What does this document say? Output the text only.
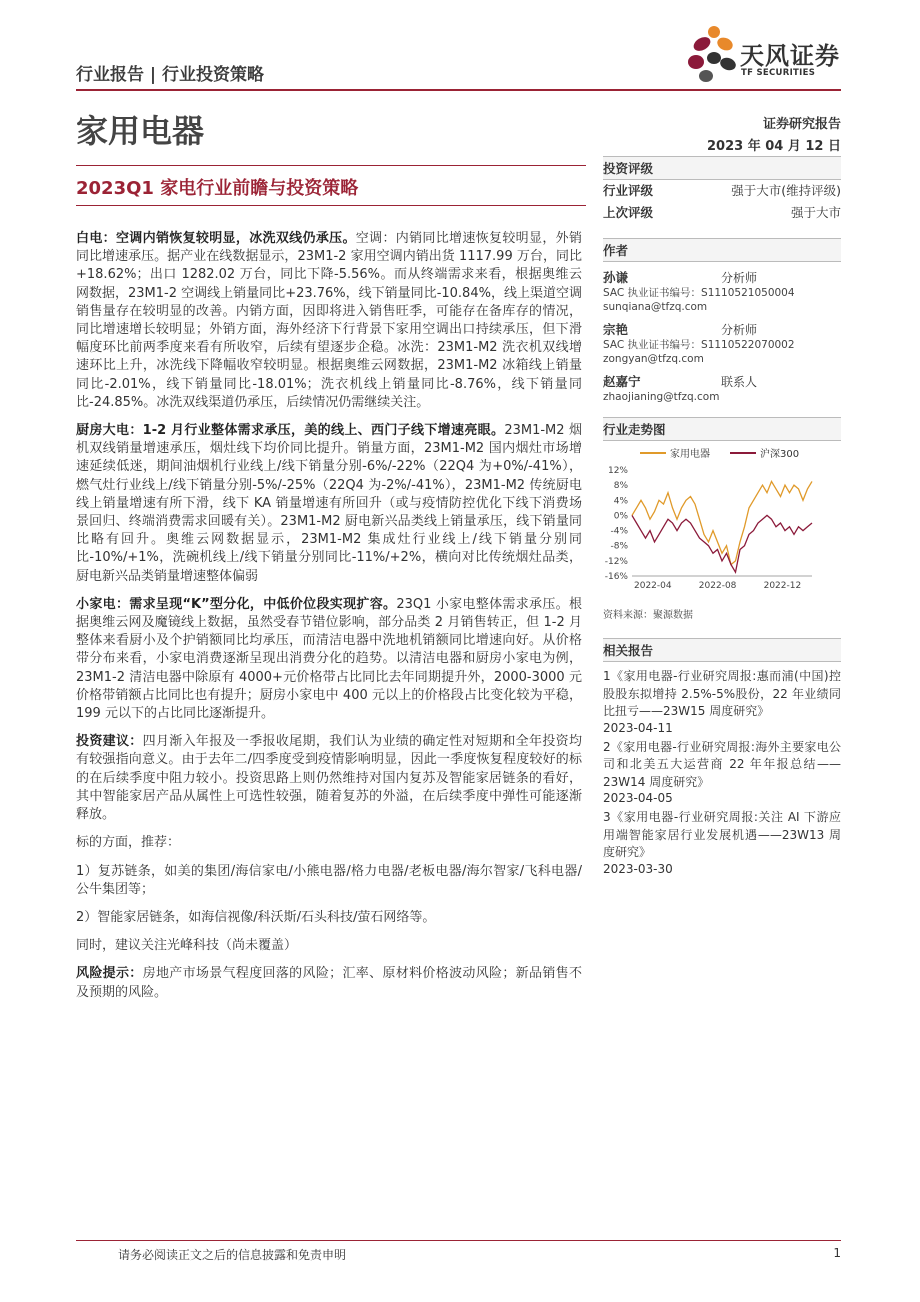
行业报告 | 行业投资策略
天风证券
TF SECURITIES
家用电器	证券研究报告
2023 年 04 月 12 日
2023Q1 家电行业前瞻与投资策略

白电：空调内销恢复较明显，冰洗双线仍承压。空调：内销同比增速恢复较明显，外销同比增速承压。据产业在线数据显示，23M1-2 家用空调内销出货 1117.99 万台，同比+18.62%；出口 1282.02 万台，同比下降-5.56%。而从终端需求来看，根据奥维云网数据，23M1-2 空调线上销量同比+23.76%，线下销量同比-10.84%，线上渠道空调销售量存在较明显的改善。内销方面，因即将进入销售旺季，可能存在备库存的情况，同比增速增长较明显；外销方面，海外经济下行背景下家用空调出口持续承压，但下滑幅度环比前两季度来看有所收窄，后续有望逐步企稳。冰洗：23M1-M2 洗衣机双线增速环比上升，冰洗线下降幅收窄较明显。根据奥维云网数据，23M1-M2 冰箱线上销量同比-2.01%，线下销量同比-18.01%；洗衣机线上销量同比-8.76%，线下销量同比-24.85%。冰洗双线渠道仍承压，后续情况仍需继续关注。

厨房大电：1-2 月行业整体需求承压，美的线上、西门子线下增速亮眼。23M1-M2 烟机双线销量增速承压，烟灶线下均价同比提升。销量方面，23M1-M2 国内烟灶市场增速延续低迷，期间油烟机行业线上/线下销量分别-6%/-22%（22Q4 为+0%/-41%），燃气灶行业线上/线下销量分别-5%/-25%（22Q4 为-2%/-41%），23M1-M2 传统厨电线上销量增速有所下滑，线下 KA 销量增速有所回升（或与疫情防控优化下线下消费场景回归、终端消费需求回暖有关）。23M1-M2 厨电新兴品类线上销量承压，线下销量同比略有回升。奥维云网数据显示，23M1-M2 集成灶行业线上/线下销量分别同比-10%/+1%，洗碗机线上/线下销量分别同比-11%/+2%，横向对比传统烟灶品类，厨电新兴品类销量增速整体偏弱

小家电：需求呈现“K”型分化，中低价位段实现扩容。23Q1 小家电整体需求承压。根据奥维云网及魔镜线上数据，虽然受春节错位影响，部分品类 2 月销售转正，但 1-2 月整体来看厨小及个护销额同比均承压，而清洁电器中洗地机销额同比增速向好。从价格带分布来看，小家电消费逐渐呈现出消费分化的趋势。以清洁电器和厨房小家电为例，23M1-2 清洁电器中除原有 4000+元价格带占比同比去年同期提升外，2000-3000 元价格带销额占比同比也有提升；厨房小家电中 400 元以上的价格段占比变化较为平稳，199 元以下的占比同比逐渐提升。

投资建议：四月渐入年报及一季报收尾期，我们认为业绩的确定性对短期和全年投资均有较强指向意义。由于去年二/四季度受到疫情影响明显，因此一季度恢复程度较好的标的在后续季度中阻力较小。投资思路上则仍然维持对国内复苏及智能家居链条的看好，其中智能家居产品从属性上可选性较强，随着复苏的外溢，在后续季度中弹性可能逐渐释放。

标的方面，推荐：

1）复苏链条，如美的集团/海信家电/小熊电器/格力电器/老板电器/海尔智家/飞科电器/公牛集团等；

2）智能家居链条，如海信视像/科沃斯/石头科技/萤石网络等。

同时，建议关注光峰科技（尚未覆盖）

风险提示：房地产市场景气程度回落的风险；汇率、原材料价格波动风险；新品销售不及预期的风险。

投资评级
行业评级	强于大市(维持评级)
上次评级	强于大市
作者
孙谦	分析师
SAC 执业证书编号：S1110521050004
sunqiana@tfzq.com
宗艳	分析师
SAC 执业证书编号：S1110522070002
zongyan@tfzq.com
赵嘉宁	联系人
zhaojianing@tfzq.com
行业走势图
家用电器	沪深300
12%
8%
4%
0%
-4%
-8%
-12%
-16%
2022-04	2022-08	2022-12
资料来源：聚源数据
相关报告
1《家用电器-行业研究周报:惠而浦(中国)控股股东拟增持 2.5%-5%股份，22 年业绩同比扭亏——23W15 周度研究》
2023-04-11
2《家用电器-行业研究周报:海外主要家电公司和北美五大运营商 22 年年报总结——23W14 周度研究》
2023-04-05
3《家用电器-行业研究周报:关注 AI 下游应用端智能家居行业发展机遇——23W13 周度研究》
2023-03-30
请务必阅读正文之后的信息披露和免责申明	1
